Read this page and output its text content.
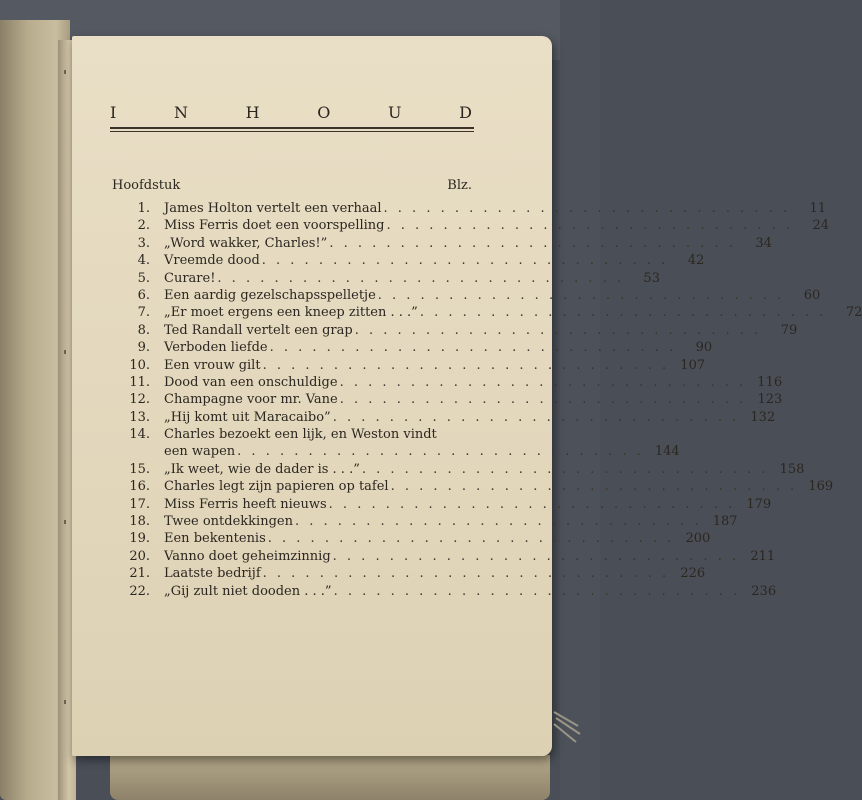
I	N	H	O	U	D
Hoofdstuk	Blz.
1.	James Holton vertelt een verhaal . . . . . . . . . . . . . . . . . . . . . . . . . . . . .	11
2.	Miss Ferris doet een voorspelling . . . . . . . . . . . . . . . . . . . . . . . . . . . . .	24
3.	„Word wakker, Charles!” . . . . . . . . . . . . . . . . . . . . . . . . . . . . .	34
4.	Vreemde dood . . . . . . . . . . . . . . . . . . . . . . . . . . . . .	42
5.	Curare! . . . . . . . . . . . . . . . . . . . . . . . . . . . . .	53
6.	Een aardig gezelschapsspelletje . . . . . . . . . . . . . . . . . . . . . . . . . . . . .	60
7.	„Er moet ergens een kneep zitten . . .” . . . . . . . . . . . . . . . . . . . . . . . . . . . . .	72
8.	Ted Randall vertelt een grap . . . . . . . . . . . . . . . . . . . . . . . . . . . . .	79
9.	Verboden liefde . . . . . . . . . . . . . . . . . . . . . . . . . . . . .	90
10.	Een vrouw gilt . . . . . . . . . . . . . . . . . . . . . . . . . . . . . 107
11.	Dood van een onschuldige . . . . . . . . . . . . . . . . . . . . . . . . . . . . . 116
12.	Champagne voor mr. Vane . . . . . . . . . . . . . . . . . . . . . . . . . . . . . 123
13.	„Hij komt uit Maracaibo” . . . . . . . . . . . . . . . . . . . . . . . . . . . . . 132
14.	Charles bezoekt een lijk, en Weston vindt
een wapen . . . . . . . . . . . . . . . . . . . . . . . . . . . . . 144
15.	„Ik weet, wie de dader is . . .” . . . . . . . . . . . . . . . . . . . . . . . . . . . . . 158
16.	Charles legt zijn papieren op tafel . . . . . . . . . . . . . . . . . . . . . . . . . . . . . 169
17.	Miss Ferris heeft nieuws . . . . . . . . . . . . . . . . . . . . . . . . . . . . . 179
18.	Twee ontdekkingen . . . . . . . . . . . . . . . . . . . . . . . . . . . . . 187
19.	Een bekentenis . . . . . . . . . . . . . . . . . . . . . . . . . . . . . 200
20.	Vanno doet geheimzinnig . . . . . . . . . . . . . . . . . . . . . . . . . . . . . 211
21.	Laatste bedrijf . . . . . . . . . . . . . . . . . . . . . . . . . . . . . 226
22.	„Gij zult niet dooden . . .” . . . . . . . . . . . . . . . . . . . . . . . . . . . . . 236
